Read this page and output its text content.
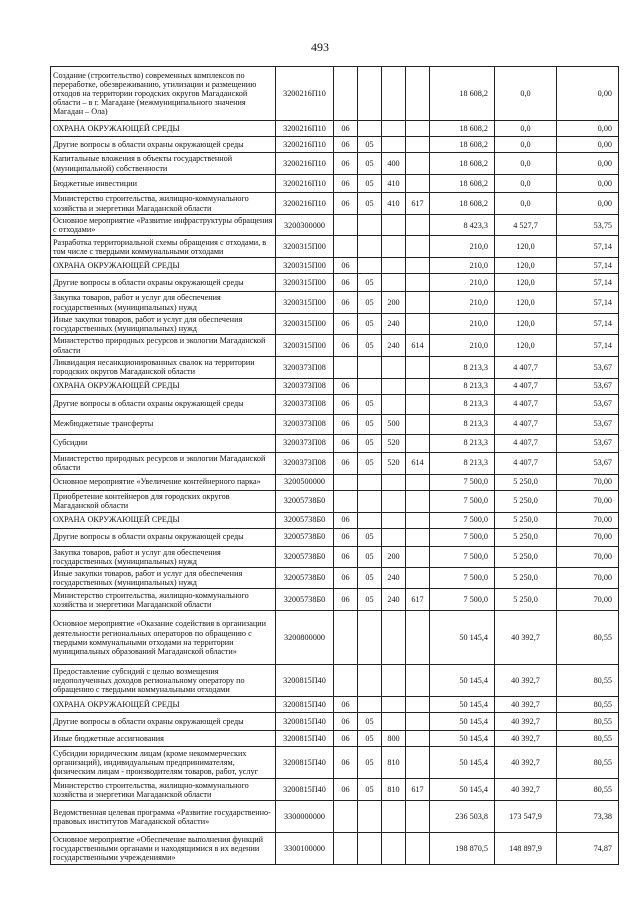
493
Создание (строительство) современных комплексов по переработке, обезвреживанию, утилизации и размещению отходов на территории городских округов Магаданской области – в г. Магадане (межмуниципального значения Магадан – Ола)	3200216П10					18 608,2	0,0	0,00
ОХРАНА ОКРУЖАЮЩЕЙ СРЕДЫ	3200216П10	06				18 608,2	0,0	0,00
Другие вопросы в области охраны окружающей среды	3200216П10	06	05			18 608,2	0,0	0,00
Капитальные вложения в объекты государственной (муниципальной) собственности	3200216П10	06	05	400		18 608,2	0,0	0,00
Бюджетные инвестиции	3200216П10	06	05	410		18 608,2	0,0	0,00
Министерство строительства, жилищно-коммунального хозяйства и энергетики Магаданской области	3200216П10	06	05	410	617	18 608,2	0,0	0,00
Основное мероприятие «Развитие инфраструктуры обращения с отходами»	3200300000					8 423,3	4 527,7	53,75
Разработка территориальной схемы обращения с отходами, в том числе с твердыми коммунальными отходами	3200315П00					210,0	120,0	57,14
ОХРАНА ОКРУЖАЮЩЕЙ СРЕДЫ	3200315П00	06				210,0	120,0	57,14
Другие вопросы в области охраны окружающей среды	3200315П00	06	05			210,0	120,0	57,14
Закупка товаров, работ и услуг для обеспечения государственных (муниципальных) нужд	3200315П00	06	05	200		210,0	120,0	57,14
Иные закупки товаров, работ и услуг для обеспечения государственных (муниципальных) нужд	3200315П00	06	05	240		210,0	120,0	57,14
Министерство природных ресурсов и экологии Магаданской области	3200315П00	06	05	240	614	210,0	120,0	57,14
Ликвидация несанкционированных свалок на территории городских округов Магаданской области	3200373П08					8 213,3	4 407,7	53,67
ОХРАНА ОКРУЖАЮЩЕЙ СРЕДЫ	3200373П08	06				8 213,3	4 407,7	53,67
Другие вопросы в области охраны окружающей среды	3200373П08	06	05			8 213,3	4 407,7	53,67
Межбюджетные трансферты	3200373П08	06	05	500		8 213,3	4 407,7	53,67
Субсидии	3200373П08	06	05	520		8 213,3	4 407,7	53,67
Министерство природных ресурсов и экологии Магаданской области	3200373П08	06	05	520	614	8 213,3	4 407,7	53,67
Основное мероприятие «Увеличение контейнерного парка»	3200500000					7 500,0	5 250,0	70,00
Приобретение контейнеров для городских округов Магаданской области	32005738Б0					7 500,0	5 250,0	70,00
ОХРАНА ОКРУЖАЮЩЕЙ СРЕДЫ	32005738Б0	06				7 500,0	5 250,0	70,00
Другие вопросы в области охраны окружающей среды	32005738Б0	06	05			7 500,0	5 250,0	70,00
Закупка товаров, работ и услуг для обеспечения государственных (муниципальных) нужд	32005738Б0	06	05	200		7 500,0	5 250,0	70,00
Иные закупки товаров, работ и услуг для обеспечения государственных (муниципальных) нужд	32005738Б0	06	05	240		7 500,0	5 250,0	70,00
Министерство строительства, жилищно-коммунального хозяйства и энергетики Магаданской области	32005738Б0	06	05	240	617	7 500,0	5 250,0	70,00
Основное мероприятие «Оказание содействия в организации деятельности региональных операторов по обращению с твердыми коммунальными отходами на территории муниципальных образований Магаданской области»	3200800000					50 145,4	40 392,7	80,55
Предоставление субсидий с целью возмещения недополученных доходов региональному оператору по обращению с твердыми коммунальными отходами	3200815П40					50 145,4	40 392,7	80,55
ОХРАНА ОКРУЖАЮЩЕЙ СРЕДЫ	3200815П40	06				50 145,4	40 392,7	80,55
Другие вопросы в области охраны окружающей среды	3200815П40	06	05			50 145,4	40 392,7	80,55
Иные бюджетные ассигнования	3200815П40	06	05	800		50 145,4	40 392,7	80,55
Субсидии юридическим лицам (кроме некоммерческих организаций), индивидуальным предпринимателям, физическим лицам - производителям товаров, работ, услуг	3200815П40	06	05	810		50 145,4	40 392,7	80,55
Министерство строительства, жилищно-коммунального хозяйства и энергетики Магаданской области	3200815П40	06	05	810	617	50 145,4	40 392,7	80,55
Ведомственная целевая программа «Развитие государственно-правовых институтов Магаданской области»	3300000000					236 503,8	173 547,9	73,38
Основное мероприятие «Обеспечение выполнения функций государственными органами и находящимися в их ведении государственными учреждениями»	3300100000					198 870,5	148 897,9	74,87
